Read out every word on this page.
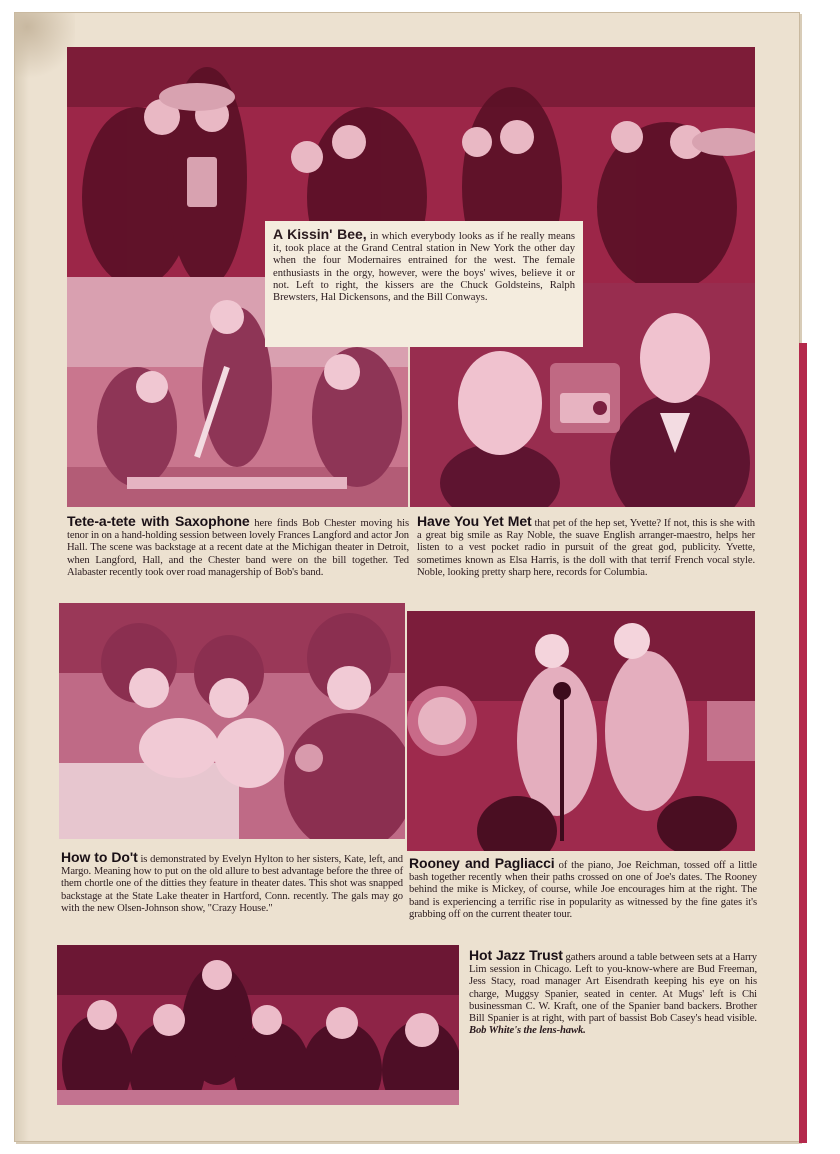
A Kissin' Bee, in which everybody looks as if he really means it, took place at the Grand Central station in New York the other day when the four Modernaires entrained for the west. The female enthusiasts in the orgy, however, were the boys' wives, believe it or not. Left to right, the kissers are the Chuck Goldsteins, Ralph Brewsters, Hal Dickensons, and the Bill Conways.
Tete-a-tete with Saxophone here finds Bob Chester moving his tenor in on a hand-holding session between lovely Frances Langford and actor Jon Hall. The scene was backstage at a recent date at the Michigan theater in Detroit, when Langford, Hall, and the Chester band were on the bill together. Ted Alabaster recently took over road managership of Bob's band.
Have You Yet Met that pet of the hep set, Yvette? If not, this is she with a great big smile as Ray Noble, the suave English arranger-maestro, helps her listen to a vest pocket radio in pursuit of the great god, publicity. Yvette, sometimes known as Elsa Harris, is the doll with that terrif French vocal style. Noble, looking pretty sharp here, records for Columbia.
How to Do't is demonstrated by Evelyn Hylton to her sisters, Kate, left, and Margo. Meaning how to put on the old allure to best advantage before the three of them chortle one of the ditties they feature in theater dates. This shot was snapped backstage at the State Lake theater in Hartford, Conn. recently. The gals may go with the new Olsen-Johnson show, "Crazy House."
Rooney and Pagliacci of the piano, Joe Reichman, tossed off a little bash together recently when their paths crossed on one of Joe's dates. The Rooney behind the mike is Mickey, of course, while Joe encourages him at the right. The band is experiencing a terrific rise in popularity as witnessed by the fine gates it's grabbing off on the current theater tour.
Hot Jazz Trust gathers around a table between sets at a Harry Lim session in Chicago. Left to you-know-where are Bud Freeman, Jess Stacy, road manager Art Eisendrath keeping his eye on his charge, Muggsy Spanier, seated in center. At Mugs' left is Chi businessman C. W. Kraft, one of the Spanier band backers. Brother Bill Spanier is at right, with part of bassist Bob Casey's head visible. Bob White's the lens-hawk.
